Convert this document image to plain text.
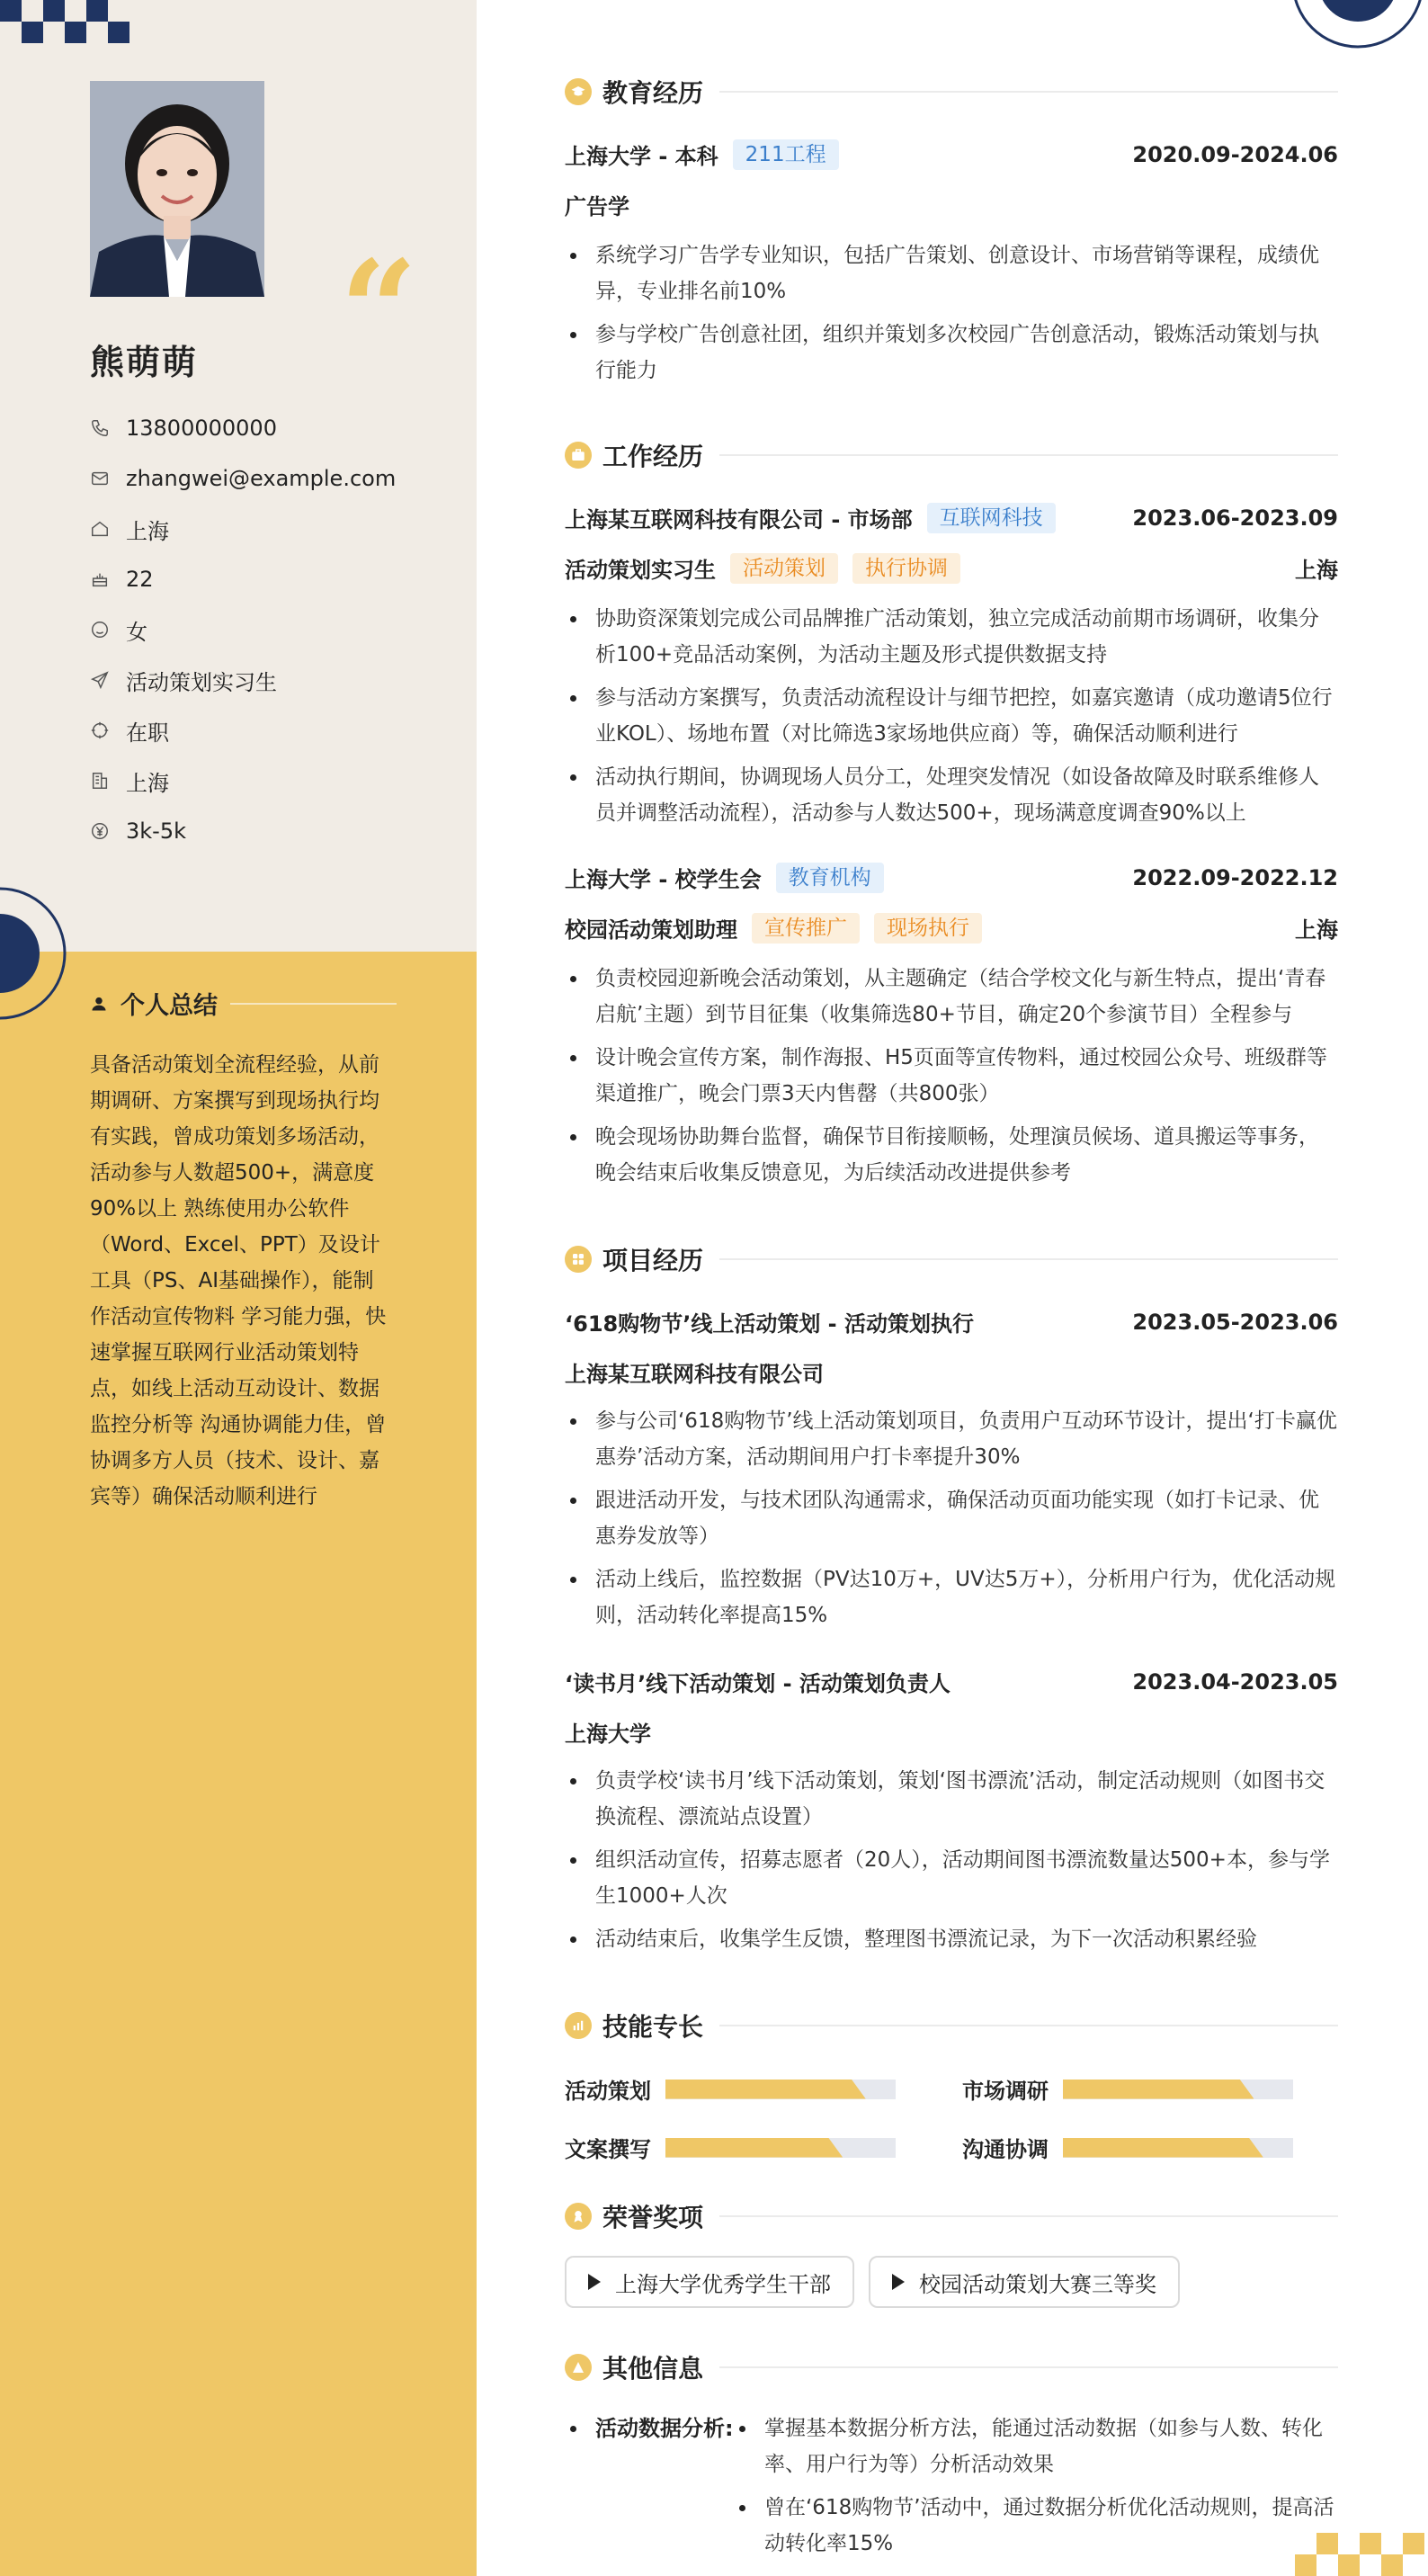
“
熊萌萌
13800000000
zhangwei@example.com
上海
22
女
活动策划实习生
在职
上海
3k-5k
个人总结
具备活动策划全流程经验，从前期调研、方案撰写到现场执行均有实践，曾成功策划多场活动，活动参与人数超500+，满意度90%以上 熟练使用办公软件（Word、Excel、PPT）及设计工具（PS、AI基础操作），能制作活动宣传物料 学习能力强，快速掌握互联网行业活动策划特点，如线上活动互动设计、数据监控分析等 沟通协调能力佳，曾协调多方人员（技术、设计、嘉宾等）确保活动顺利进行
教育经历
上海大学 - 本科	211工程	2020.09-2024.06
广告学
系统学习广告学专业知识，包括广告策划、创意设计、市场营销等课程，成绩优异，专业排名前10%
参与学校广告创意社团，组织并策划多次校园广告创意活动，锻炼活动策划与执行能力
工作经历
上海某互联网科技有限公司 - 市场部	互联网科技	2023.06-2023.09
活动策划实习生	活动策划	执行协调	上海
协助资深策划完成公司品牌推广活动策划，独立完成活动前期市场调研，收集分析100+竞品活动案例，为活动主题及形式提供数据支持
参与活动方案撰写，负责活动流程设计与细节把控，如嘉宾邀请（成功邀请5位行业KOL）、场地布置（对比筛选3家场地供应商）等，确保活动顺利进行
活动执行期间，协调现场人员分工，处理突发情况（如设备故障及时联系维修人员并调整活动流程），活动参与人数达500+，现场满意度调查90%以上
上海大学 - 校学生会	教育机构	2022.09-2022.12
校园活动策划助理	宣传推广	现场执行	上海
负责校园迎新晚会活动策划，从主题确定（结合学校文化与新生特点，提出‘青春启航’主题）到节目征集（收集筛选80+节目，确定20个参演节目）全程参与
设计晚会宣传方案，制作海报、H5页面等宣传物料，通过校园公众号、班级群等渠道推广，晚会门票3天内售罄（共800张）
晚会现场协助舞台监督，确保节目衔接顺畅，处理演员候场、道具搬运等事务，晚会结束后收集反馈意见，为后续活动改进提供参考
项目经历
‘618购物节’线上活动策划 - 活动策划执行	2023.05-2023.06
上海某互联网科技有限公司
参与公司‘618购物节’线上活动策划项目，负责用户互动环节设计，提出‘打卡赢优惠券’活动方案，活动期间用户打卡率提升30%
跟进活动开发，与技术团队沟通需求，确保活动页面功能实现（如打卡记录、优惠券发放等）
活动上线后，监控数据（PV达10万+，UV达5万+），分析用户行为，优化活动规则，活动转化率提高15%
‘读书月’线下活动策划 - 活动策划负责人	2023.04-2023.05
上海大学
负责学校‘读书月’线下活动策划，策划‘图书漂流’活动，制定活动规则（如图书交换流程、漂流站点设置）
组织活动宣传，招募志愿者（20人），活动期间图书漂流数量达500+本，参与学生1000+人次
活动结束后，收集学生反馈，整理图书漂流记录，为下一次活动积累经验
技能专长
活动策划	市场调研
文案撰写	沟通协调
荣誉奖项
上海大学优秀学生干部	校园活动策划大赛三等奖
其他信息
活动数据分析:	掌握基本数据分析方法，能通过活动数据（如参与人数、转化率、用户行为等）分析活动效果
曾在‘618购物节’活动中，通过数据分析优化活动规则，提高活动转化率15%
